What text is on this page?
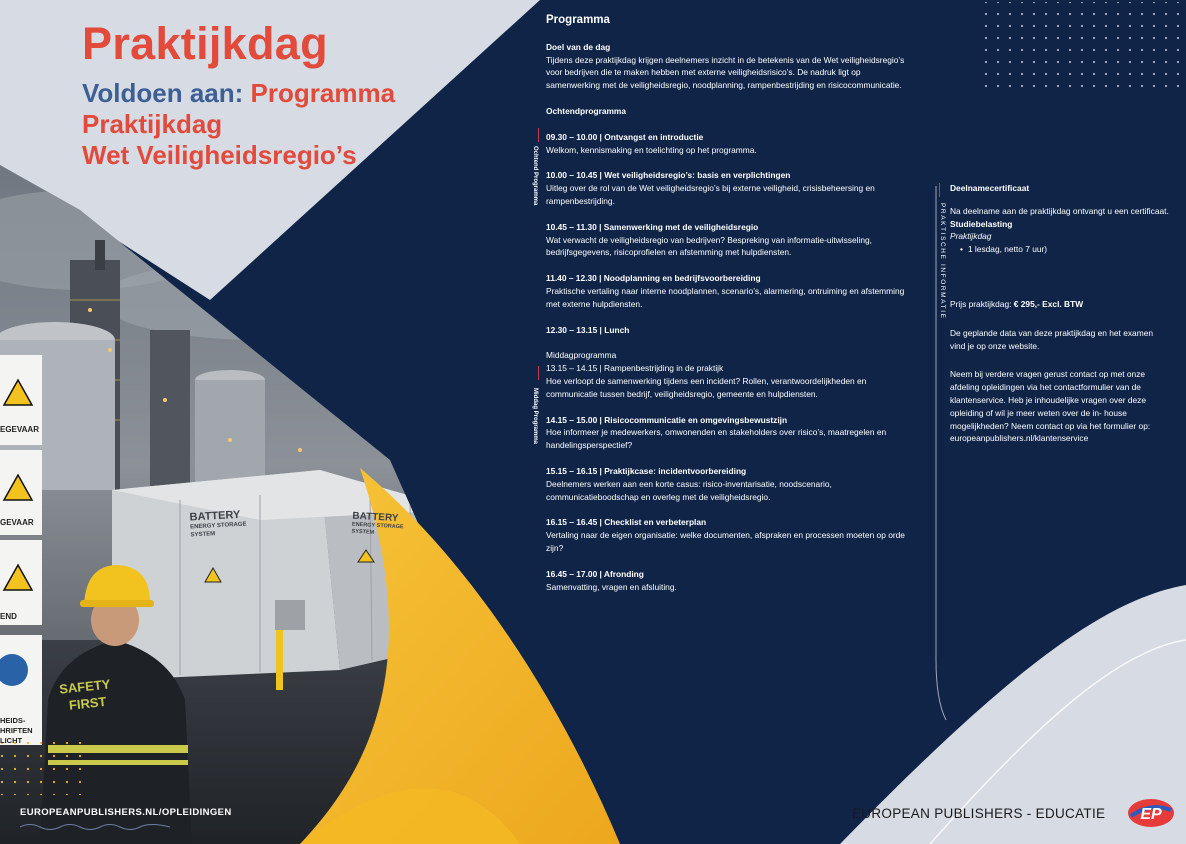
Praktijkdag
Voldoen aan: Programma
Praktijkdag
Wet Veiligheidsregio’s
BATTERY
ENERGY STORAGE
SYSTEM
BATTERY
ENERGY STORAGE
SYSTEM
SAFETY
FIRST
EGEVAAR
GEVAAR
END
HEIDS-
HRIFTEN
LICHT
Programma
Doel van de dag
Tijdens deze praktijkdag krijgen deelnemers inzicht in de betekenis van de Wet veiligheidsregio’s voor bedrijven die te maken hebben met externe veiligheidsrisico’s. De nadruk ligt op samenwerking met de veiligheidsregio, noodplanning, rampenbestrijding en risicocommunicatie.
Ochtendprogramma
09.30 – 10.00 | Ontvangst en introductie
Welkom, kennismaking en toelichting op het programma.
10.00 – 10.45 | Wet veiligheidsregio’s: basis en verplichtingen
Uitleg over de rol van de Wet veiligheidsregio’s bij externe veiligheid, crisisbeheersing en rampenbestrijding.
10.45 – 11.30 | Samenwerking met de veiligheidsregio
Wat verwacht de veiligheidsregio van bedrijven? Bespreking van informatie-uitwisseling, bedrijfsgegevens, risicoprofielen en afstemming met hulpdiensten.
11.40 – 12.30 | Noodplanning en bedrijfsvoorbereiding
Praktische vertaling naar interne noodplannen, scenario’s, alarmering, ontruiming en afstemming met externe hulpdiensten.
12.30 – 13.15 | Lunch
Middagprogramma
13.15 – 14.15 | Rampenbestrijding in de praktijk
Hoe verloopt de samenwerking tijdens een incident? Rollen, verantwoordelijkheden en communicatie tussen bedrijf, veiligheidsregio, gemeente en hulpdiensten.
14.15 – 15.00 | Risicocommunicatie en omgevingsbewustzijn
Hoe informeer je medewerkers, omwonenden en stakeholders over risico’s, maatregelen en handelingsperspectief?
15.15 – 16.15 | Praktijkcase: incidentvoorbereiding
Deelnemers werken aan een korte casus: risico-inventarisatie, noodscenario, communicatieboodschap en overleg met de veiligheidsregio.
16.15 – 16.45 | Checklist en verbeterplan
Vertaling naar de eigen organisatie: welke documenten, afspraken en processen moeten op orde zijn?
16.45 – 17.00 | Afronding
Samenvatting, vragen en afsluiting.
Ochtend Programma
Middag Programma
PRAKTISCHE INFORMATIE
Deelnamecertificaat
Na deelname aan de praktijkdag ontvangt u een certificaat.
Studiebelasting
Praktijkdag
• 1 lesdag, netto 7 uur)
Prijs praktijkdag: € 295,- Excl. BTW
De geplande data van deze praktijkdag en het examen vind je op onze website.
Neem bij verdere vragen gerust contact op met onze afdeling opleidingen via het contactformulier van de klantenservice. Heb je inhoudelijke vragen over deze opleiding of wil je meer weten over de in- house mogelijkheden? Neem contact op via het formulier op: europeanpublishers.nl/klantenservice
EUROPEANPUBLISHERS.NL/OPLEIDINGEN	EUROPEAN PUBLISHERS - EDUCATIE EP
